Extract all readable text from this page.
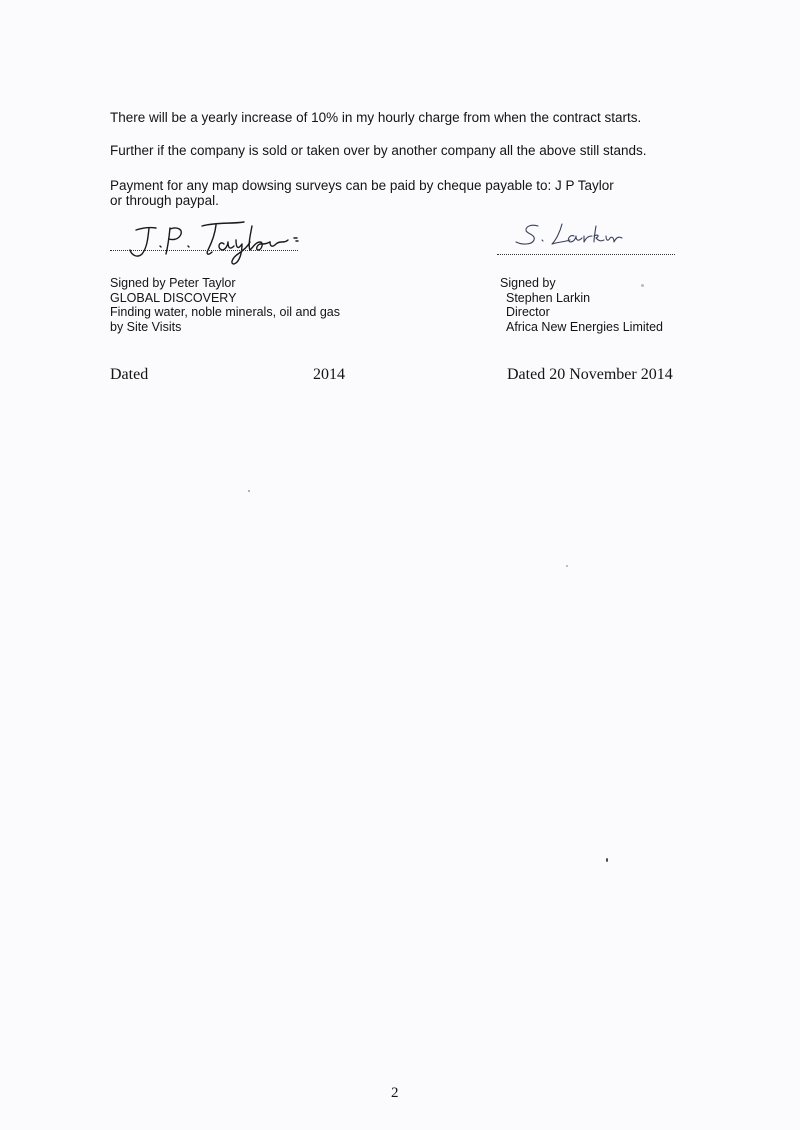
There will be a yearly increase of 10% in my hourly charge from when the contract starts.

Further if the company is sold or taken over by another company all the above still stands.

Payment for any map dowsing surveys can be paid by cheque payable to: J P Taylor

or through paypal.

Signed by Peter Taylor
GLOBAL DISCOVERY
Finding water, noble minerals, oil and gas
by Site Visits
Signed by
Stephen Larkin
Director
Africa New Energies Limited
Dated	2014	Dated 20 November 2014
2
